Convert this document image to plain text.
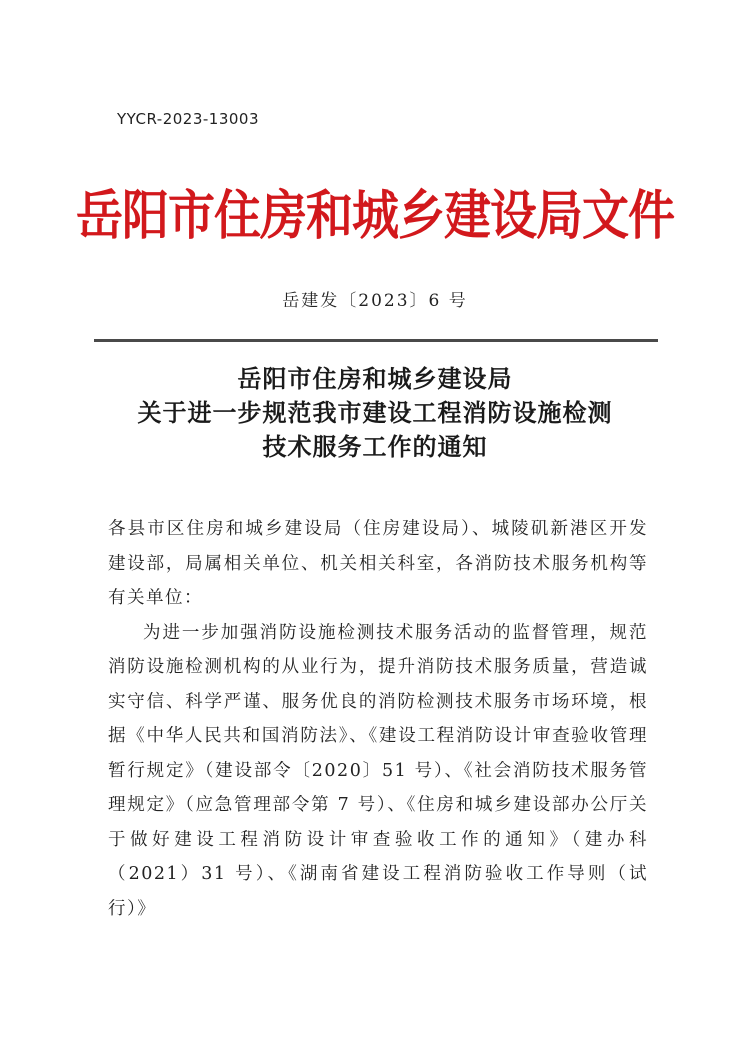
YYCR-2023-13003
岳阳市住房和城乡建设局文件
岳建发〔2023〕6 号
岳阳市住房和城乡建设局
关于进一步规范我市建设工程消防设施检测
技术服务工作的通知

各县市区住房和城乡建设局（住房建设局）、城陵矶新港区开发建设部，局属相关单位、机关相关科室，各消防技术服务机构等有关单位：

为进一步加强消防设施检测技术服务活动的监督管理，规范消防设施检测机构的从业行为，提升消防技术服务质量，营造诚实守信、科学严谨、服务优良的消防检测技术服务市场环境，根据《中华人民共和国消防法》、《建设工程消防设计审查验收管理暂行规定》（建设部令〔2020〕51 号）、《社会消防技术服务管理规定》（应急管理部令第 7 号）、《住房和城乡建设部办公厅关于做好建设工程消防设计审查验收工作的通知》（建办科（2021）31 号）、《湖南省建设工程消防验收工作导则（试行）》
